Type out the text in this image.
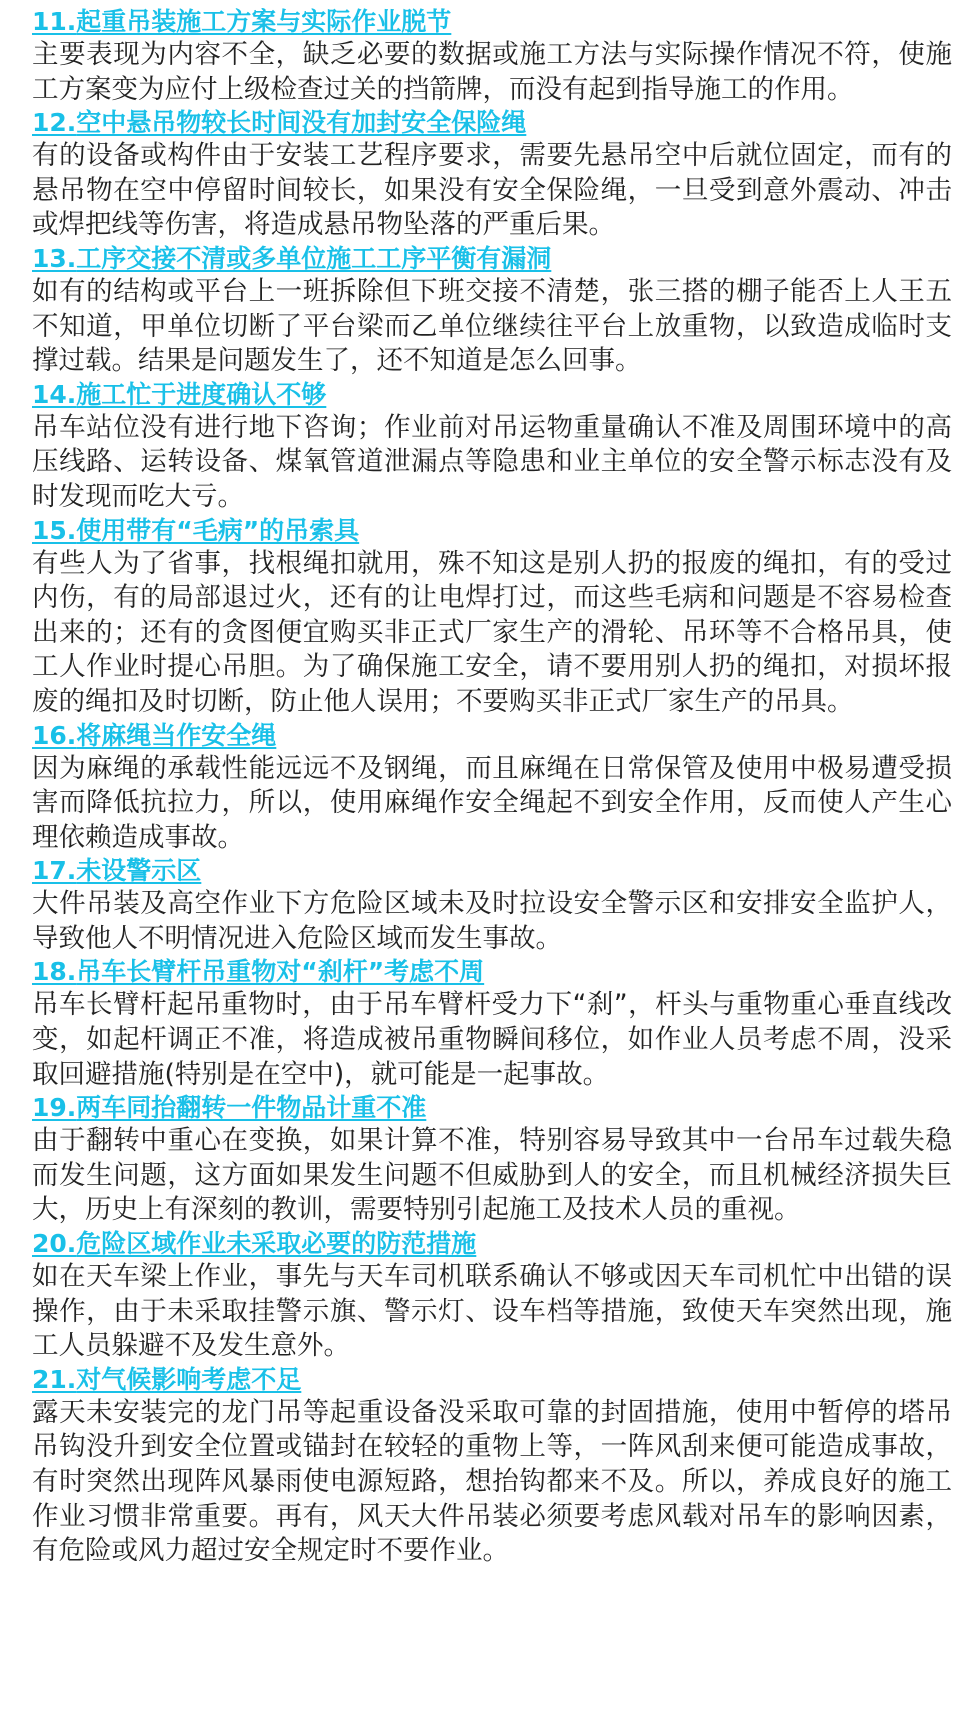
11.起重吊装施工方案与实际作业脱节

主要表现为内容不全，缺乏必要的数据或施工方法与实际操作情况不符，使施工方案变为应付上级检查过关的挡箭牌，而没有起到指导施工的作用。

12.空中悬吊物较长时间没有加封安全保险绳

有的设备或构件由于安装工艺程序要求，需要先悬吊空中后就位固定，而有的悬吊物在空中停留时间较长，如果没有安全保险绳，一旦受到意外震动、冲击或焊把线等伤害，将造成悬吊物坠落的严重后果。

13.工序交接不清或多单位施工工序平衡有漏洞

如有的结构或平台上一班拆除但下班交接不清楚，张三搭的棚子能否上人王五不知道，甲单位切断了平台梁而乙单位继续往平台上放重物，以致造成临时支撑过载。结果是问题发生了，还不知道是怎么回事。

14.施工忙于进度确认不够

吊车站位没有进行地下咨询；作业前对吊运物重量确认不准及周围环境中的高压线路、运转设备、煤氧管道泄漏点等隐患和业主单位的安全警示标志没有及时发现而吃大亏。

15.使用带有“毛病”的吊索具

有些人为了省事，找根绳扣就用，殊不知这是别人扔的报废的绳扣，有的受过内伤，有的局部退过火，还有的让电焊打过，而这些毛病和问题是不容易检查出来的；还有的贪图便宜购买非正式厂家生产的滑轮、吊环等不合格吊具，使工人作业时提心吊胆。为了确保施工安全，请不要用别人扔的绳扣，对损坏报废的绳扣及时切断，防止他人误用；不要购买非正式厂家生产的吊具。

16.将麻绳当作安全绳

因为麻绳的承载性能远远不及钢绳，而且麻绳在日常保管及使用中极易遭受损害而降低抗拉力，所以，使用麻绳作安全绳起不到安全作用，反而使人产生心理依赖造成事故。

17.未设警示区

大件吊装及高空作业下方危险区域未及时拉设安全警示区和安排安全监护人，导致他人不明情况进入危险区域而发生事故。

18.吊车长臂杆吊重物对“刹杆”考虑不周

吊车长臂杆起吊重物时，由于吊车臂杆受力下“刹”，杆头与重物重心垂直线改变，如起杆调正不准，将造成被吊重物瞬间移位，如作业人员考虑不周，没采取回避措施(特别是在空中)，就可能是一起事故。

19.两车同抬翻转一件物品计重不准

由于翻转中重心在变换，如果计算不准，特别容易导致其中一台吊车过载失稳而发生问题，这方面如果发生问题不但威胁到人的安全，而且机械经济损失巨大，历史上有深刻的教训，需要特别引起施工及技术人员的重视。

20.危险区域作业未采取必要的防范措施

如在天车梁上作业，事先与天车司机联系确认不够或因天车司机忙中出错的误操作，由于未采取挂警示旗、警示灯、设车档等措施，致使天车突然出现，施工人员躲避不及发生意外。

21.对气候影响考虑不足

露天未安装完的龙门吊等起重设备没采取可靠的封固措施，使用中暂停的塔吊吊钩没升到安全位置或锚封在较轻的重物上等，一阵风刮来便可能造成事故，有时突然出现阵风暴雨使电源短路，想抬钩都来不及。所以，养成良好的施工作业习惯非常重要。再有，风天大件吊装必须要考虑风载对吊车的影响因素，有危险或风力超过安全规定时不要作业。
